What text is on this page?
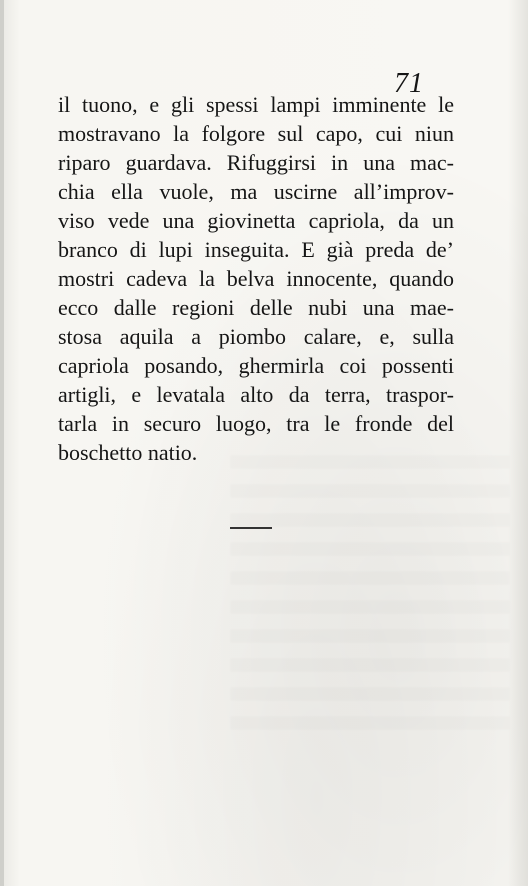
71
il tuono, e gli spessi lampi imminente le
mostravano la folgore sul capo, cui niun
riparo guardava. Rifuggirsi in una mac-
chia ella vuole, ma uscirne all’improv-
viso vede una giovinetta capriola, da un
branco di lupi inseguita. E già preda de’
mostri cadeva la belva innocente, quando
ecco dalle regioni delle nubi una mae-
stosa aquila a piombo calare, e, sulla
capriola posando, ghermirla coi possenti
artigli, e levatala alto da terra, traspor-
tarla in securo luogo, tra le fronde del
boschetto natio.
